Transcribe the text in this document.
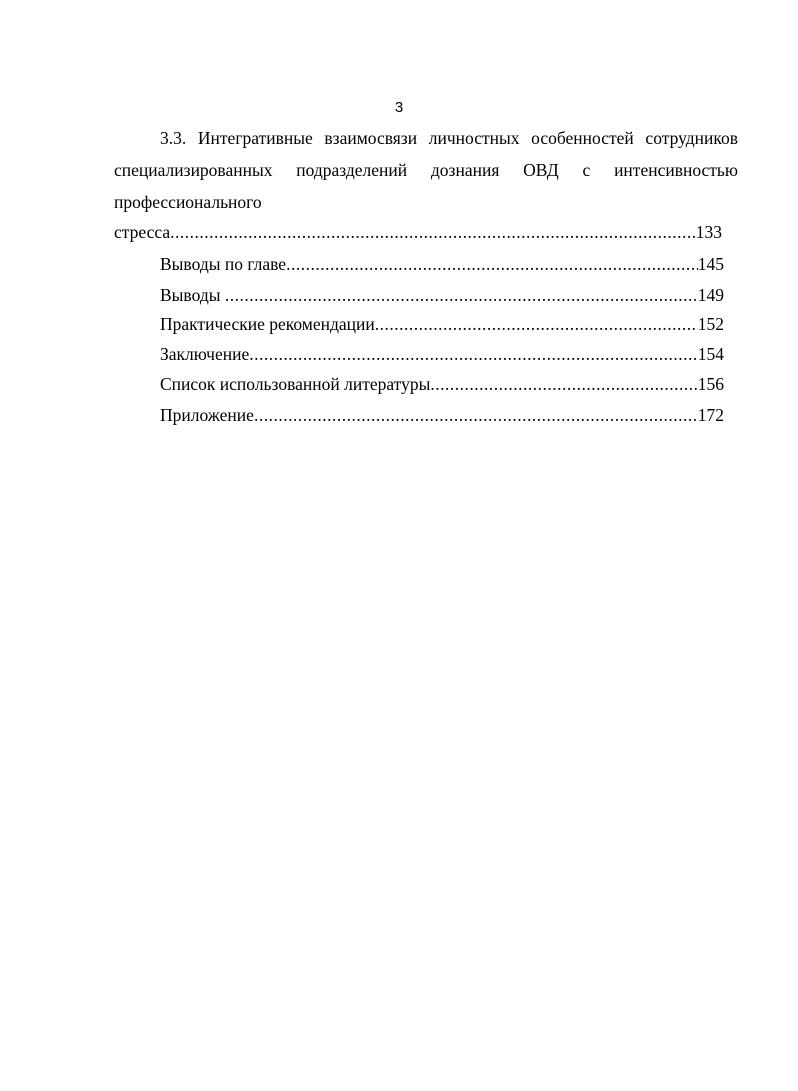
3
3.3. Интегративные взаимосвязи личностных особенностей сотрудников
специализированных подразделений дознания ОВД с интенсивностью
профессионального
стресса .....	133
Выводы по главе .....	145
Выводы .....	149
Практические рекомендации .....	152
Заключение .....	154
Список использованной литературы .....	156
Приложение .....	172
